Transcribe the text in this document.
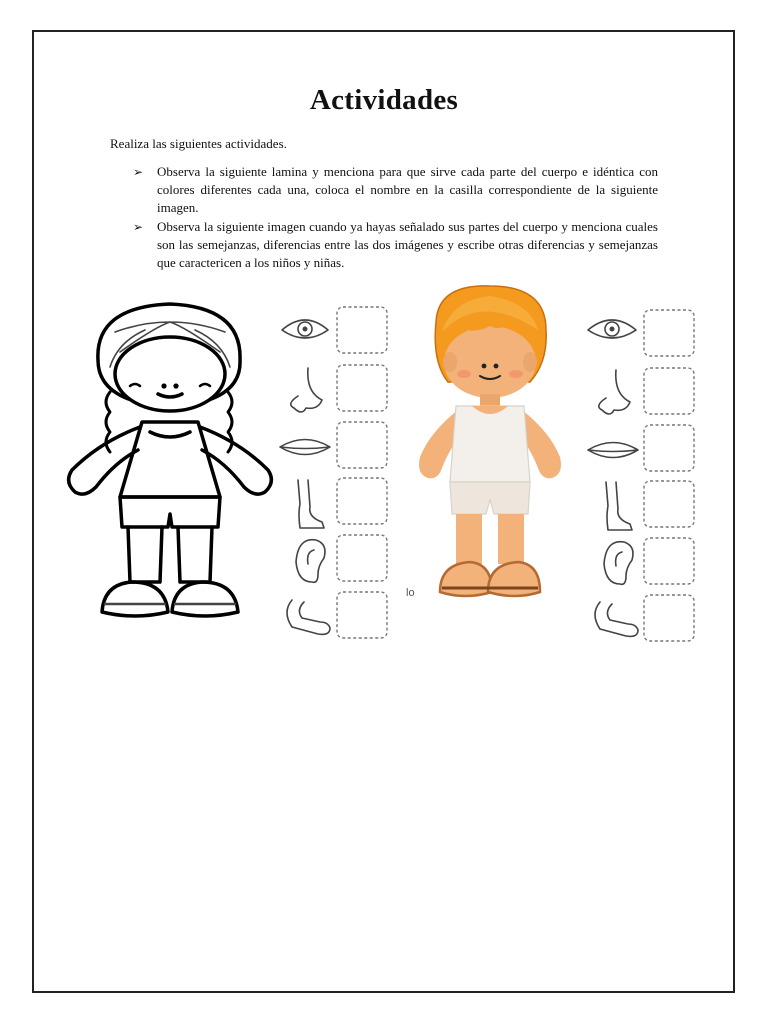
Actividades
Realiza las siguientes actividades.
➢ Observa la siguiente lamina y menciona para que sirve cada parte del cuerpo e idéntica con colores diferentes cada una, coloca el nombre en la casilla correspondiente de la siguiente imagen.
➢ Observa la siguiente imagen cuando ya hayas señalado sus partes del cuerpo y menciona cuales son las semejanzas, diferencias entre las dos imágenes y escribe otras diferencias y semejanzas que caractericen a los niños y niñas.
lo
